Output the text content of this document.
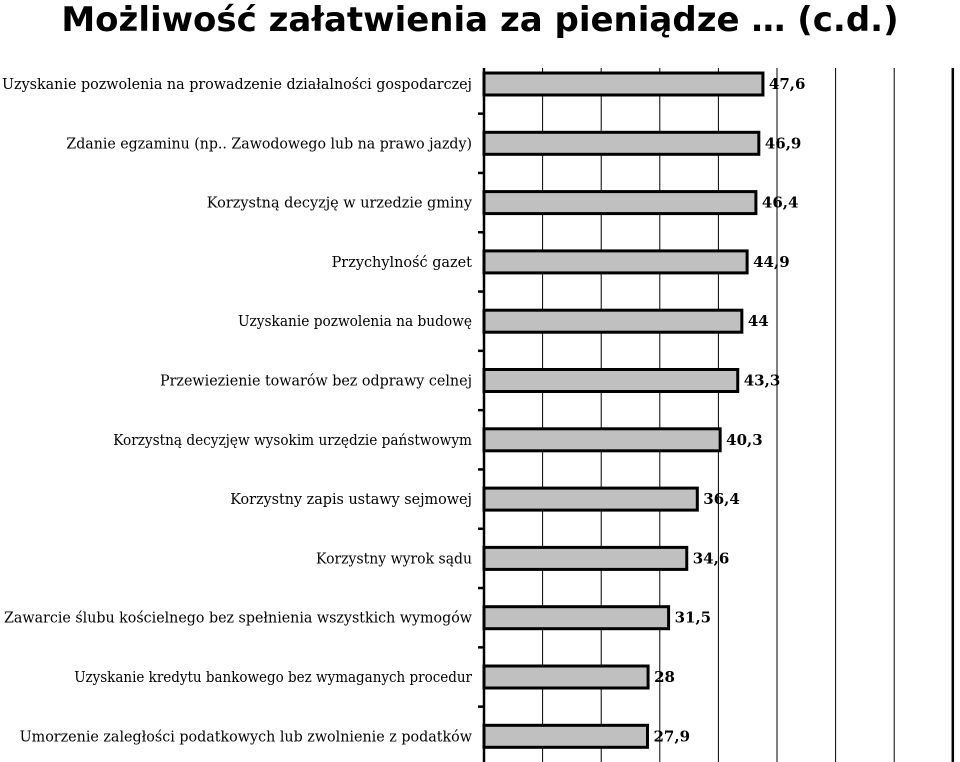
Możliwość załatwienia za pieniądze … (c.d.)
Uzyskanie pozwolenia na prowadzenie działalności gospodarczej
Zdanie egzaminu (np.. Zawodowego lub na prawo jazdy)
Korzystną decyzję w urzedzie gminy
Przychylność gazet
Uzyskanie pozwolenia na budowę
Przewiezienie towarów bez odprawy celnej
Korzystną decyzjęw wysokim urzędzie państwowym
Korzystny zapis ustawy sejmowej
Korzystny wyrok sądu
Zawarcie ślubu kościelnego bez spełnienia wszystkich wymogów
Uzyskanie kredytu bankowego bez wymaganych procedur
Umorzenie zaległości podatkowych lub zwolnienie z podatków
47,6
46,9
46,4
44,9
44
43,3
40,3
36,4
34,6
31,5
28
27,9
